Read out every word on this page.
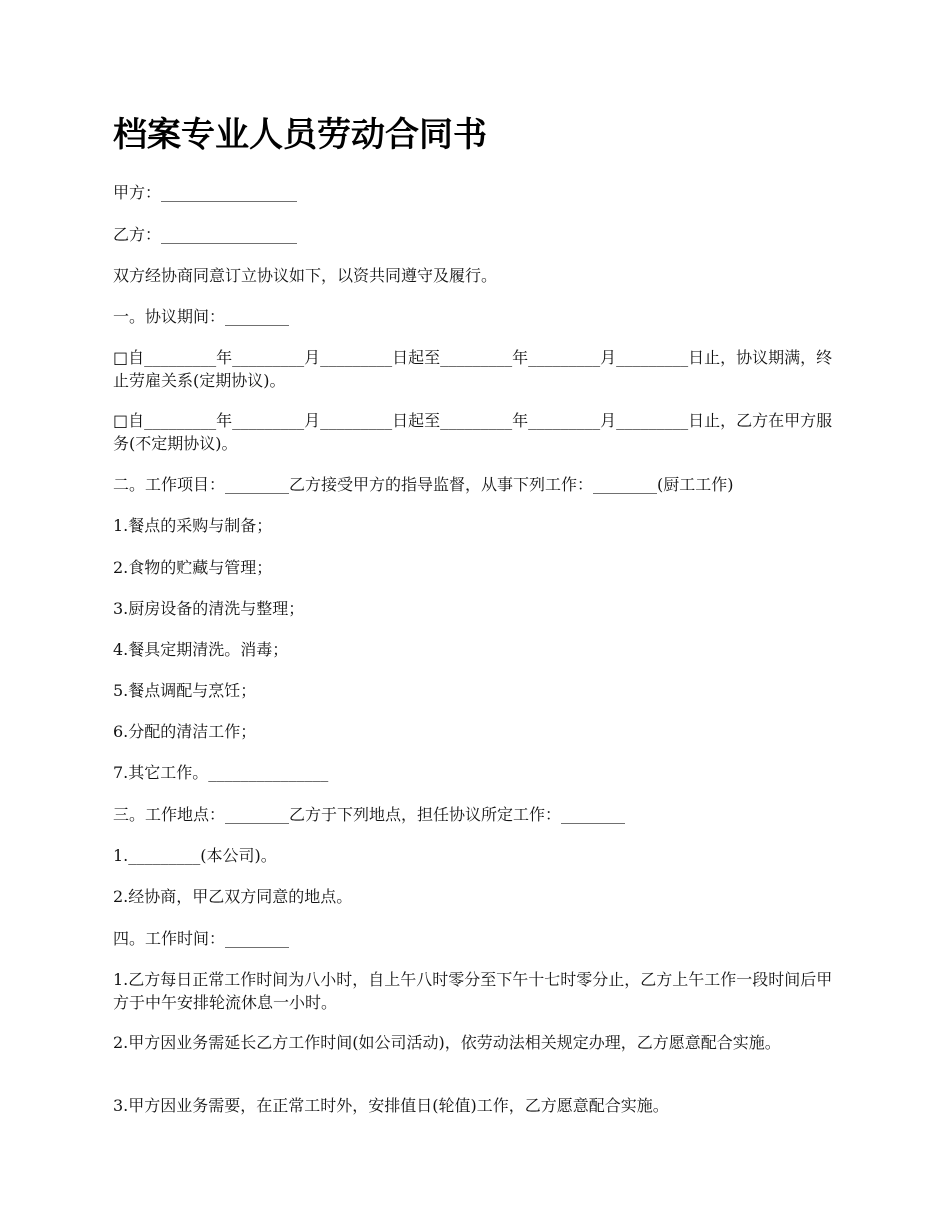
档案专业人员劳动合同书

甲方：_________________

乙方：_________________

双方经协商同意订立协议如下，以资共同遵守及履行。

一。协议期间：________

□自_________年_________月_________日起至_________年_________月_________日止，协议期满，终止劳雇关系(定期协议)。

□自_________年_________月_________日起至_________年_________月_________日止，乙方在甲方服务(不定期协议)。

二。工作项目：________乙方接受甲方的指导监督，从事下列工作：________(厨工工作)

1.餐点的采购与制备；

2.食物的贮藏与管理；

3.厨房设备的清洗与整理；

4.餐具定期清洗。消毒；

5.餐点调配与烹饪；

6.分配的清洁工作；

7.其它工作。_______________

三。工作地点：________乙方于下列地点，担任协议所定工作：________

1._________(本公司)。

2.经协商，甲乙双方同意的地点。

四。工作时间：________

1.乙方每日正常工作时间为八小时，自上午八时零分至下午十七时零分止，乙方上午工作一段时间后甲方于中午安排轮流休息一小时。

2.甲方因业务需延长乙方工作时间(如公司活动)，依劳动法相关规定办理，乙方愿意配合实施。

3.甲方因业务需要，在正常工时外，安排值日(轮值)工作，乙方愿意配合实施。
